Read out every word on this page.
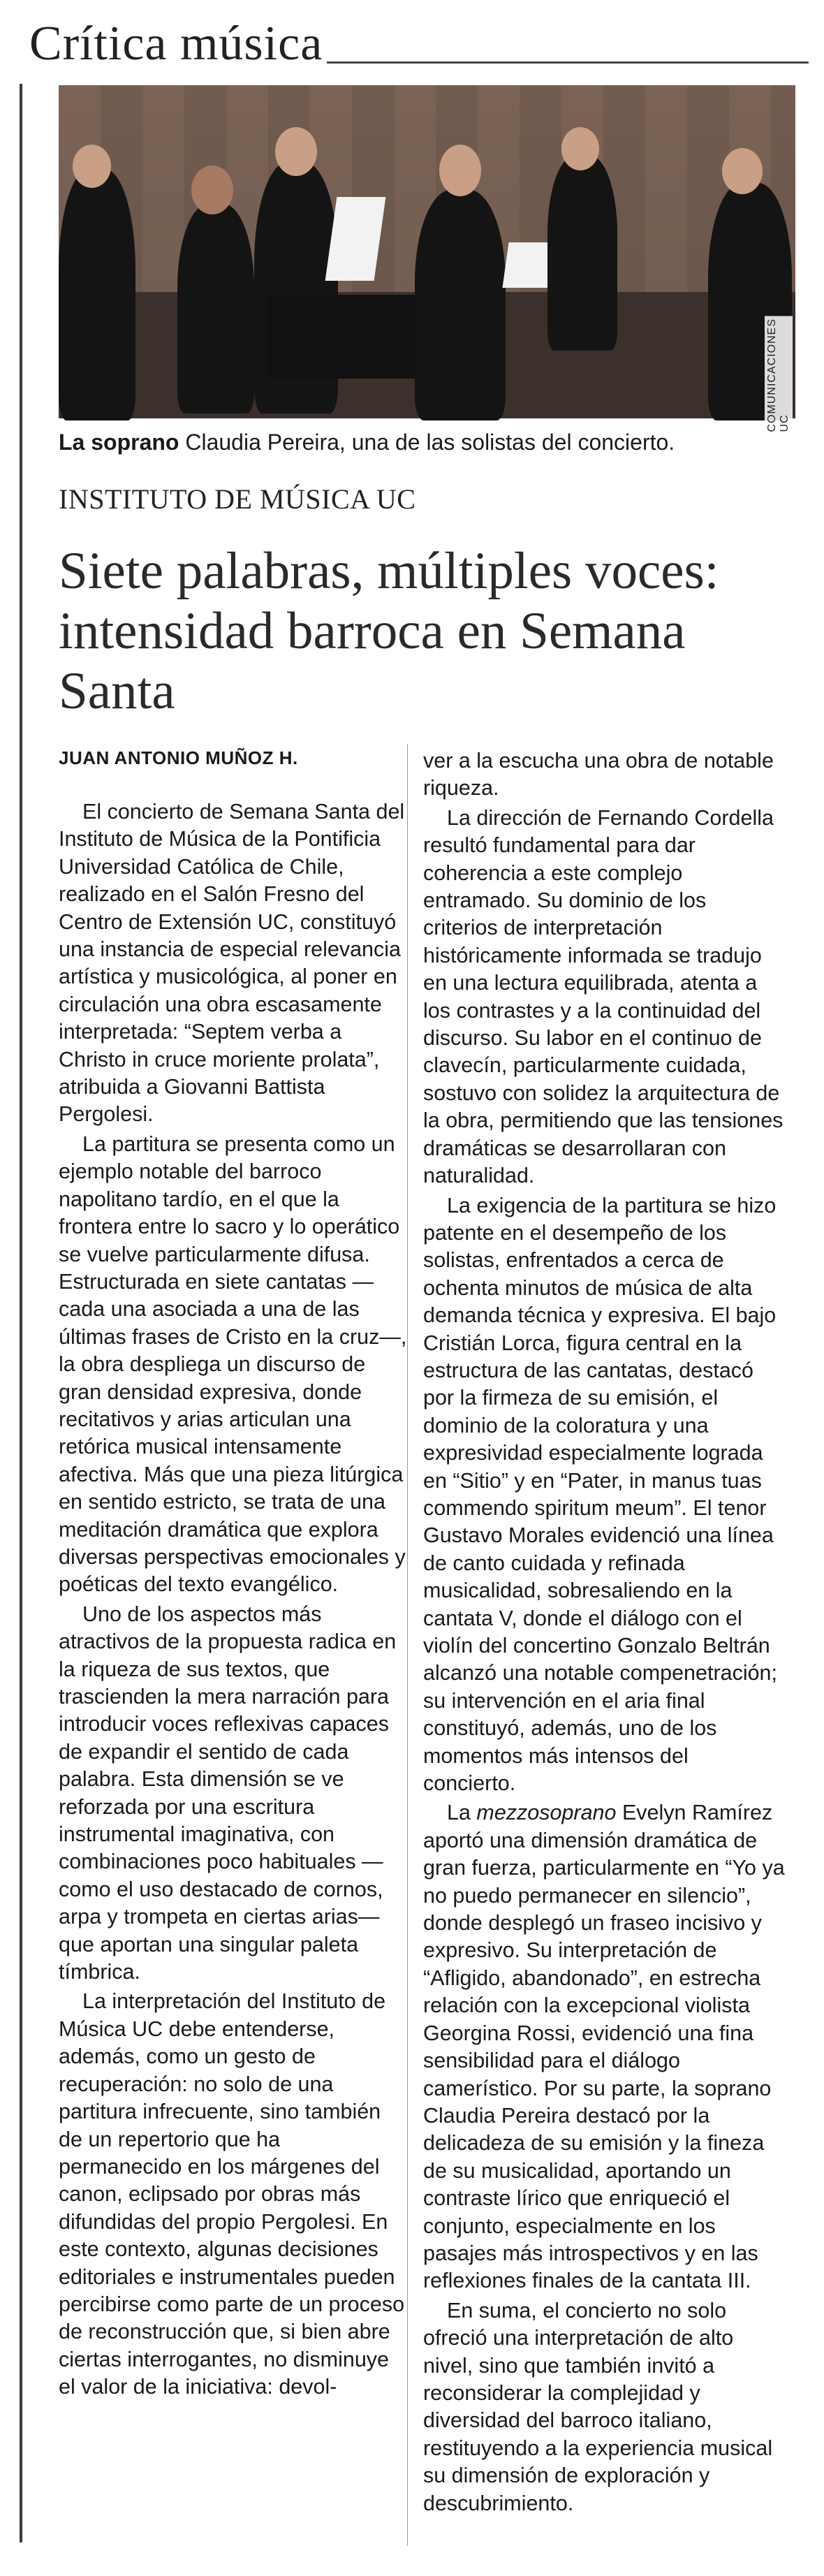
Crítica música
COMUNICACIONES UC
La soprano Claudia Pereira, una de las solistas del concierto.
INSTITUTO DE MÚSICA UC
Siete palabras, múltiples voces: intensidad barroca en Semana Santa
JUAN ANTONIO MUÑOZ H.

El concierto de Semana Santa del Instituto de Música de la Pontificia Universidad Católica de Chile, realizado en el Salón Fresno del Centro de Extensión UC, constituyó una instancia de especial relevancia artística y musicológica, al poner en circulación una obra escasamente interpretada: “Septem verba a Christo in cruce moriente prolata”, atribuida a Giovanni Battista Pergolesi.

La partitura se presenta como un ejemplo notable del barroco napolitano tardío, en el que la frontera entre lo sacro y lo operático se vuelve particularmente difusa. Estructurada en siete cantatas —cada una asociada a una de las últimas frases de Cristo en la cruz—, la obra despliega un discurso de gran densidad expresiva, donde recitativos y arias articulan una retórica musical intensamente afectiva. Más que una pieza litúrgica en sentido estricto, se trata de una meditación dramática que explora diversas perspectivas emocionales y poéticas del texto evangélico.

Uno de los aspectos más atractivos de la propuesta radica en la riqueza de sus textos, que trascienden la mera narración para introducir voces reflexivas capaces de expandir el sentido de cada palabra. Esta dimensión se ve reforzada por una escritura instrumental imaginativa, con combinaciones poco habituales —como el uso destacado de cornos, arpa y trompeta en ciertas arias— que aportan una singular paleta tímbrica.

La interpretación del Instituto de Música UC debe entenderse, además, como un gesto de recuperación: no solo de una partitura infrecuente, sino también de un repertorio que ha permanecido en los márgenes del canon, eclipsado por obras más difundidas del propio Pergolesi. En este contexto, algunas decisiones editoriales e instrumentales pueden percibirse como parte de un proceso de reconstrucción que, si bien abre ciertas interrogantes, no disminuye el valor de la iniciativa: devol-

ver a la escucha una obra de notable riqueza.

La dirección de Fernando Cordella resultó fundamental para dar coherencia a este complejo entramado. Su dominio de los criterios de interpretación históricamente informada se tradujo en una lectura equilibrada, atenta a los contrastes y a la continuidad del discurso. Su labor en el continuo de clavecín, particularmente cuidada, sostuvo con solidez la arquitectura de la obra, permitiendo que las tensiones dramáticas se desarrollaran con naturalidad.

La exigencia de la partitura se hizo patente en el desempeño de los solistas, enfrentados a cerca de ochenta minutos de música de alta demanda técnica y expresiva. El bajo Cristián Lorca, figura central en la estructura de las cantatas, destacó por la firmeza de su emisión, el dominio de la coloratura y una expresividad especialmente lograda en “Sitio” y en “Pater, in manus tuas commendo spiritum meum”. El tenor Gustavo Morales evidenció una línea de canto cuidada y refinada musicalidad, sobresaliendo en la cantata V, donde el diálogo con el violín del concertino Gonzalo Beltrán alcanzó una notable compenetración; su intervención en el aria final constituyó, además, uno de los momentos más intensos del concierto.

La mezzosoprano Evelyn Ramírez aportó una dimensión dramática de gran fuerza, particularmente en “Yo ya no puedo permanecer en silencio”, donde desplegó un fraseo incisivo y expresivo. Su interpretación de “Afligido, abandonado”, en estrecha relación con la excepcional violista Georgina Rossi, evidenció una fina sensibilidad para el diálogo camerístico. Por su parte, la soprano Claudia Pereira destacó por la delicadeza de su emisión y la fineza de su musicalidad, aportando un contraste lírico que enriqueció el conjunto, especialmente en los pasajes más introspectivos y en las reflexiones finales de la cantata III.

En suma, el concierto no solo ofreció una interpretación de alto nivel, sino que también invitó a reconsiderar la complejidad y diversidad del barroco italiano, restituyendo a la experiencia musical su dimensión de exploración y descubrimiento.
